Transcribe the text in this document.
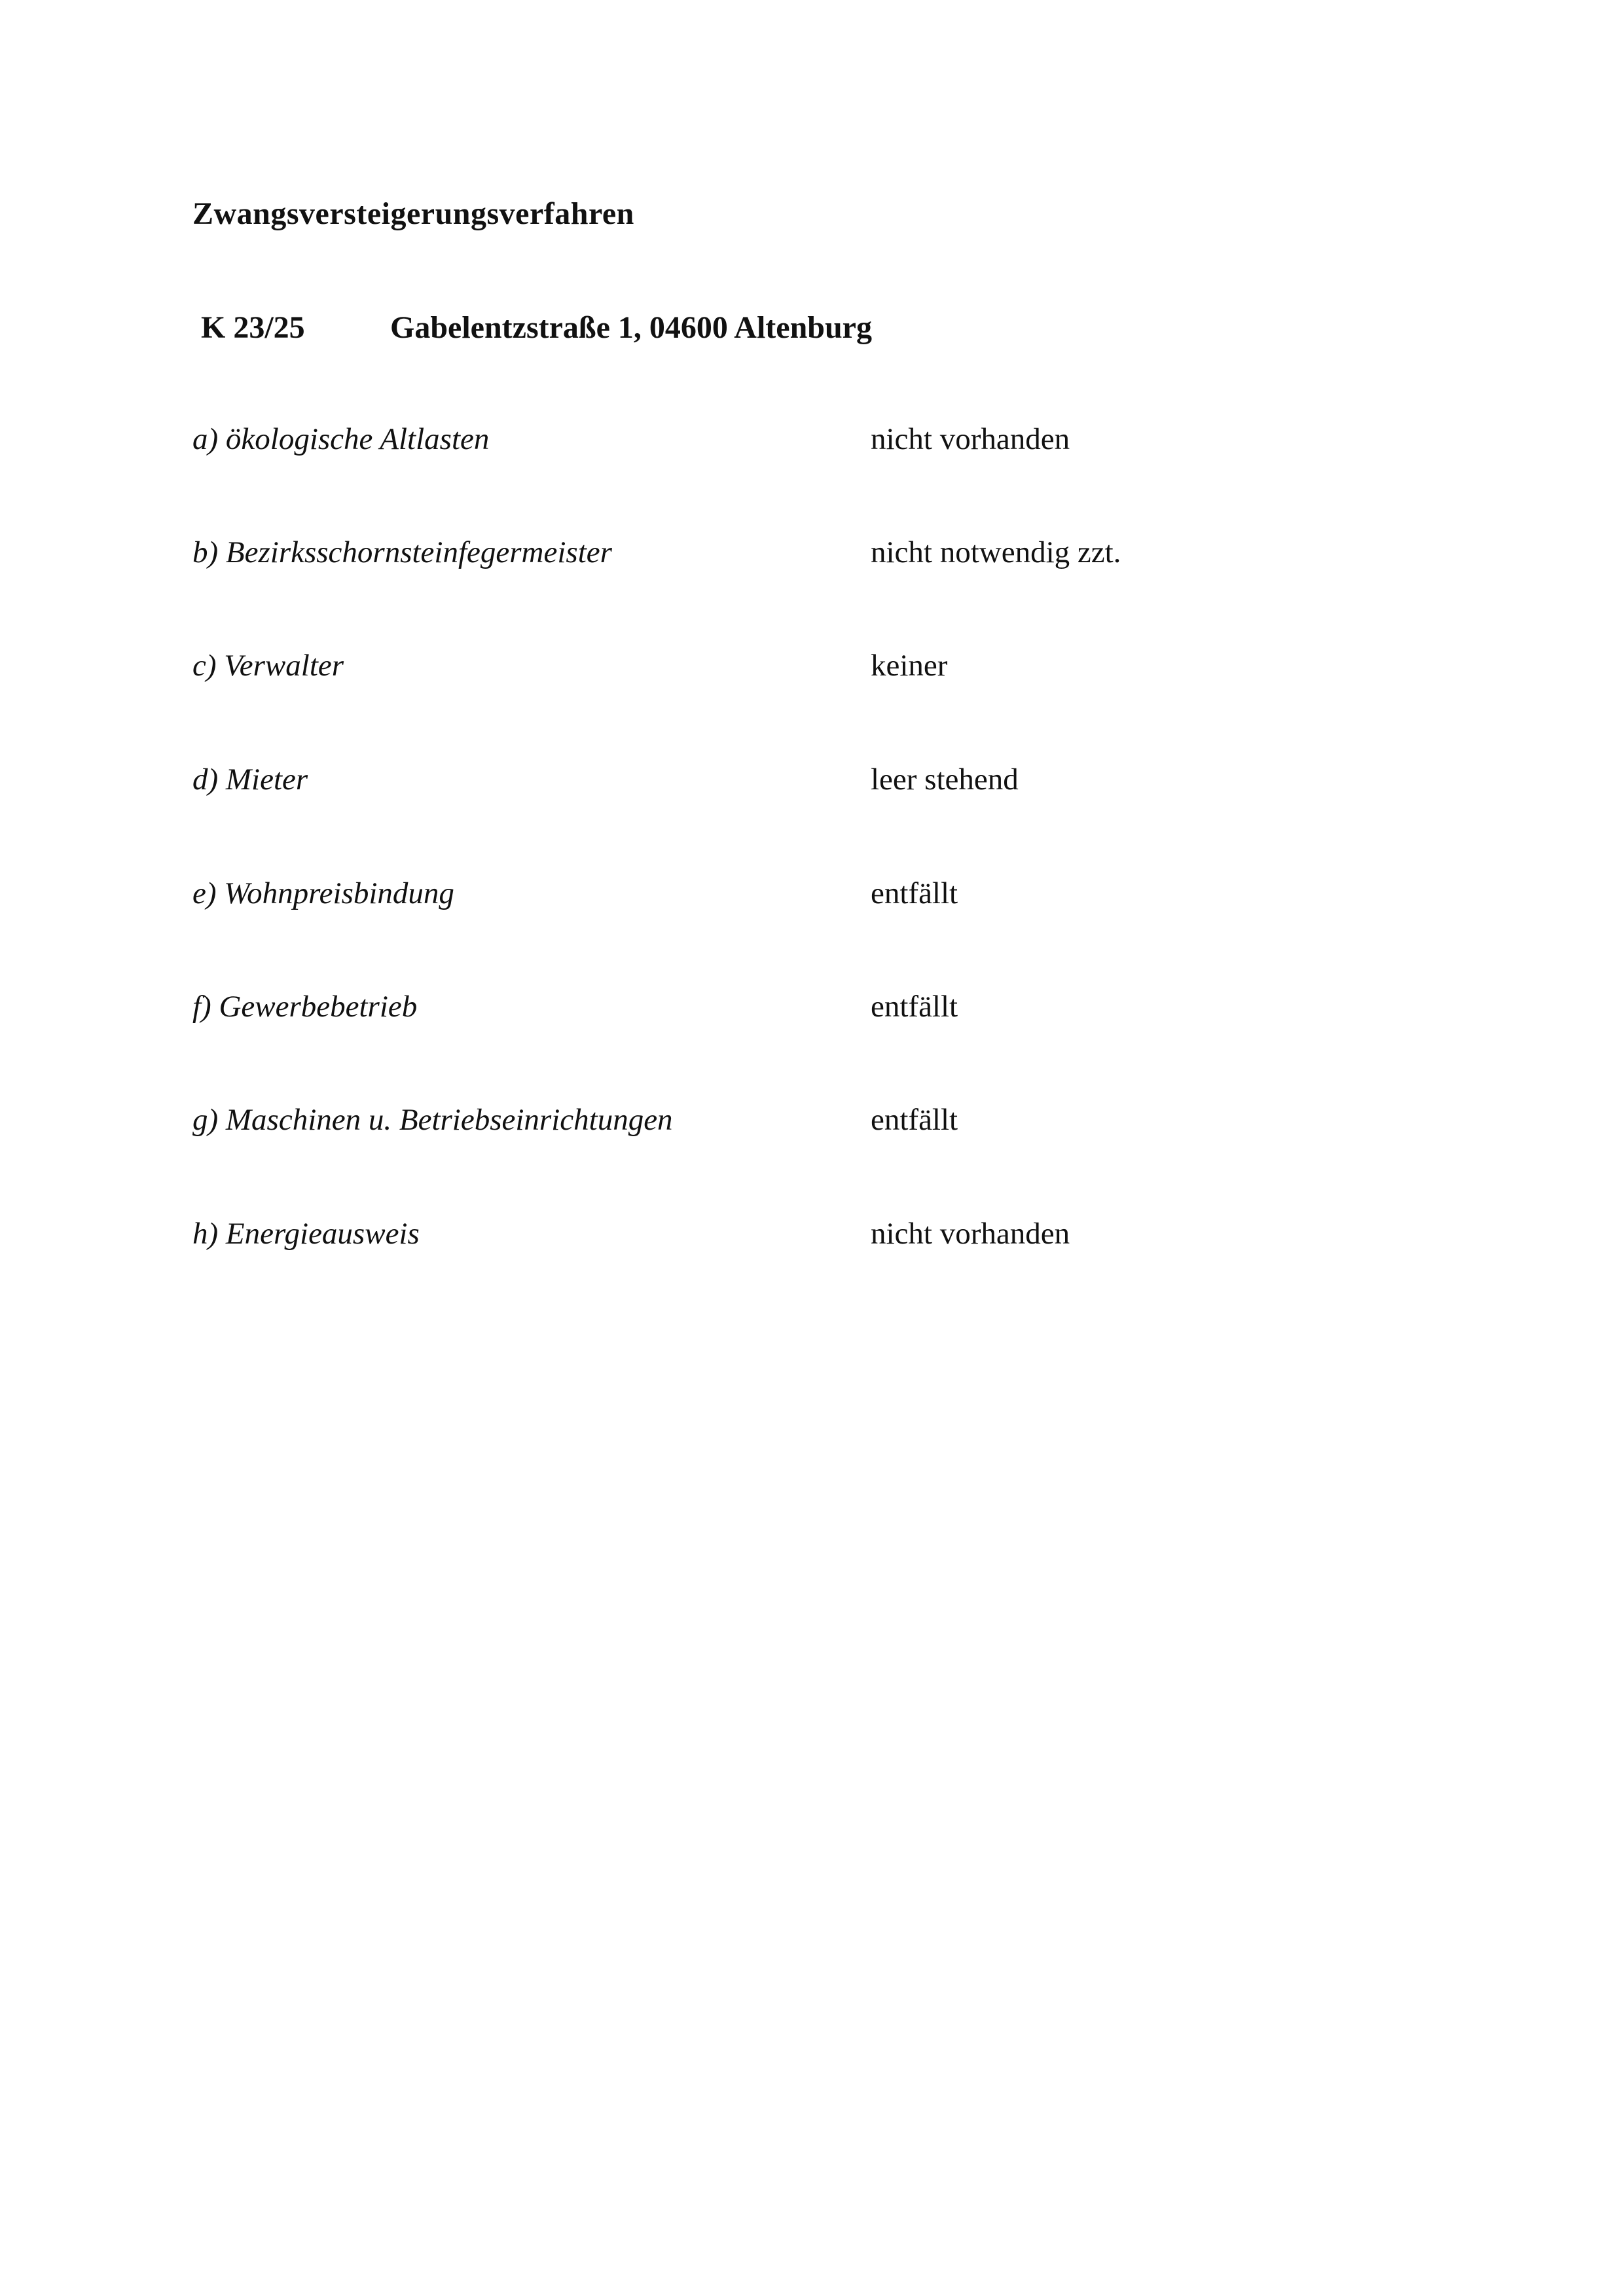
Zwangsversteigerungsverfahren
K 23/25	Gabelentzstraße 1, 04600 Altenburg
a) ökologische Altlasten	nicht vorhanden
b) Bezirksschornsteinfegermeister	nicht notwendig zzt.
c) Verwalter	keiner
d) Mieter	leer stehend
e) Wohnpreisbindung	entfällt
f) Gewerbebetrieb	entfällt
g) Maschinen u. Betriebseinrichtungen	entfällt
h) Energieausweis	nicht vorhanden
